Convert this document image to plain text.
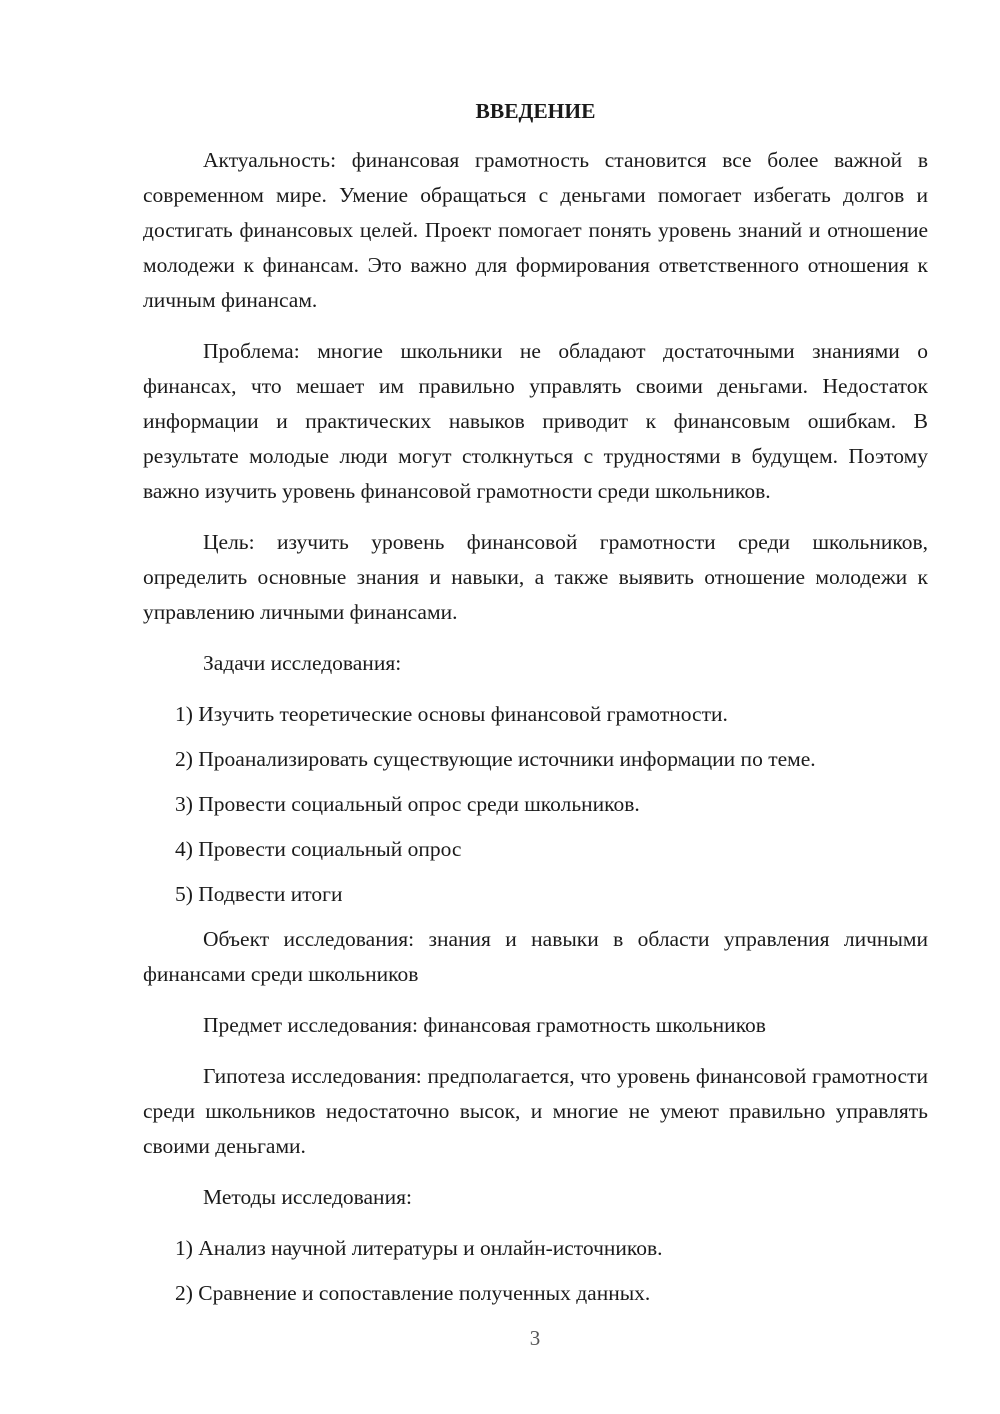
ВВЕДЕНИЕ

Актуальность: финансовая грамотность становится все более важной в современном мире. Умение обращаться с деньгами помогает избегать долгов и достигать финансовых целей. Проект помогает понять уровень знаний и отношение молодежи к финансам. Это важно для формирования ответственного отношения к личным финансам.

Проблема: многие школьники не обладают достаточными знаниями о финансах, что мешает им правильно управлять своими деньгами. Недостаток информации и практических навыков приводит к финансовым ошибкам. В результате молодые люди могут столкнуться с трудностями в будущем. Поэтому важно изучить уровень финансовой грамотности среди школьников.

Цель: изучить уровень финансовой грамотности среди школьников, определить основные знания и навыки, а также выявить отношение молодежи к управлению личными финансами.

Задачи исследования:

1) Изучить теоретические основы финансовой грамотности.

2) Проанализировать существующие источники информации по теме.

3) Провести социальный опрос среди школьников.

4) Провести социальный опрос

5) Подвести итоги

Объект исследования: знания и навыки в области управления личными финансами среди школьников

Предмет исследования: финансовая грамотность школьников

Гипотеза исследования: предполагается, что уровень финансовой грамотности среди школьников недостаточно высок, и многие не умеют правильно управлять своими деньгами.

Методы исследования:

1) Анализ научной литературы и онлайн-источников.

2) Сравнение и сопоставление полученных данных.

3
